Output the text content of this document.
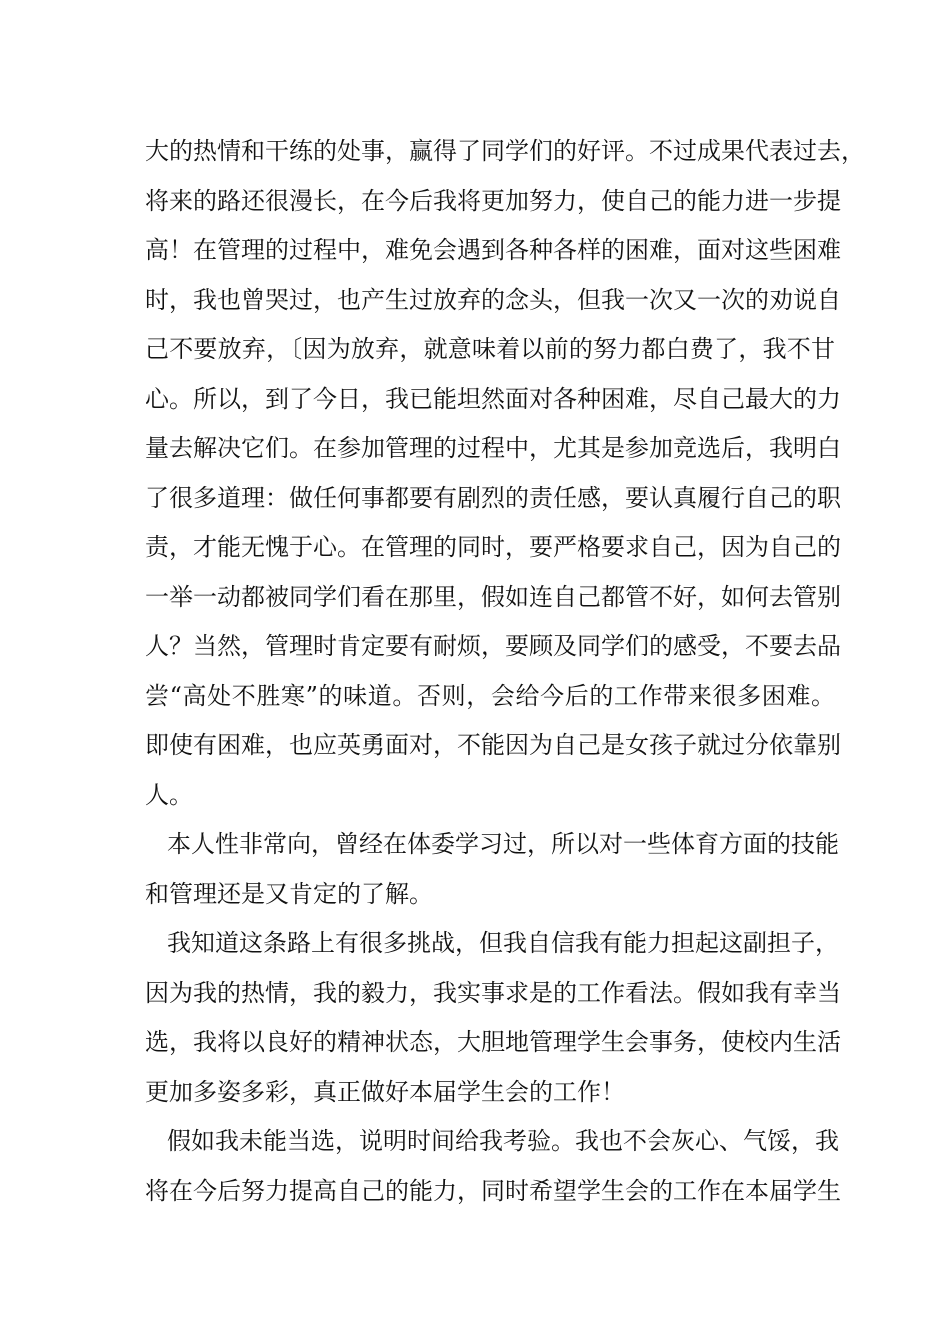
大的热情和干练的处事，赢得了同学们的好评。不过成果代表过去，
将来的路还很漫长，在今后我将更加努力，使自己的能力进一步提
高！在管理的过程中，难免会遇到各种各样的困难，面对这些困难
时，我也曾哭过，也产生过放弃的念头，但我一次又一次的劝说自
己不要放弃，〔因为放弃，就意味着以前的努力都白费了，我不甘
心。所以，到了今日，我已能坦然面对各种困难，尽自己最大的力
量去解决它们。在参加管理的过程中，尤其是参加竞选后，我明白
了很多道理：做任何事都要有剧烈的责任感，要认真履行自己的职
责，才能无愧于心。在管理的同时，要严格要求自己，因为自己的
一举一动都被同学们看在那里，假如连自己都管不好，如何去管别
人？当然，管理时肯定要有耐烦，要顾及同学们的感受，不要去品
尝“高处不胜寒”的味道。否则，会给今后的工作带来很多困难。
即使有困难，也应英勇面对，不能因为自己是女孩子就过分依靠别
人。
本人性非常向，曾经在体委学习过，所以对一些体育方面的技能
和管理还是又肯定的了解。
我知道这条路上有很多挑战，但我自信我有能力担起这副担子，
因为我的热情，我的毅力，我实事求是的工作看法。假如我有幸当
选，我将以良好的精神状态，大胆地管理学生会事务，使校内生活
更加多姿多彩，真正做好本届学生会的工作！
假如我未能当选，说明时间给我考验。我也不会灰心、气馁，我
将在今后努力提高自己的能力，同时希望学生会的工作在本届学生
